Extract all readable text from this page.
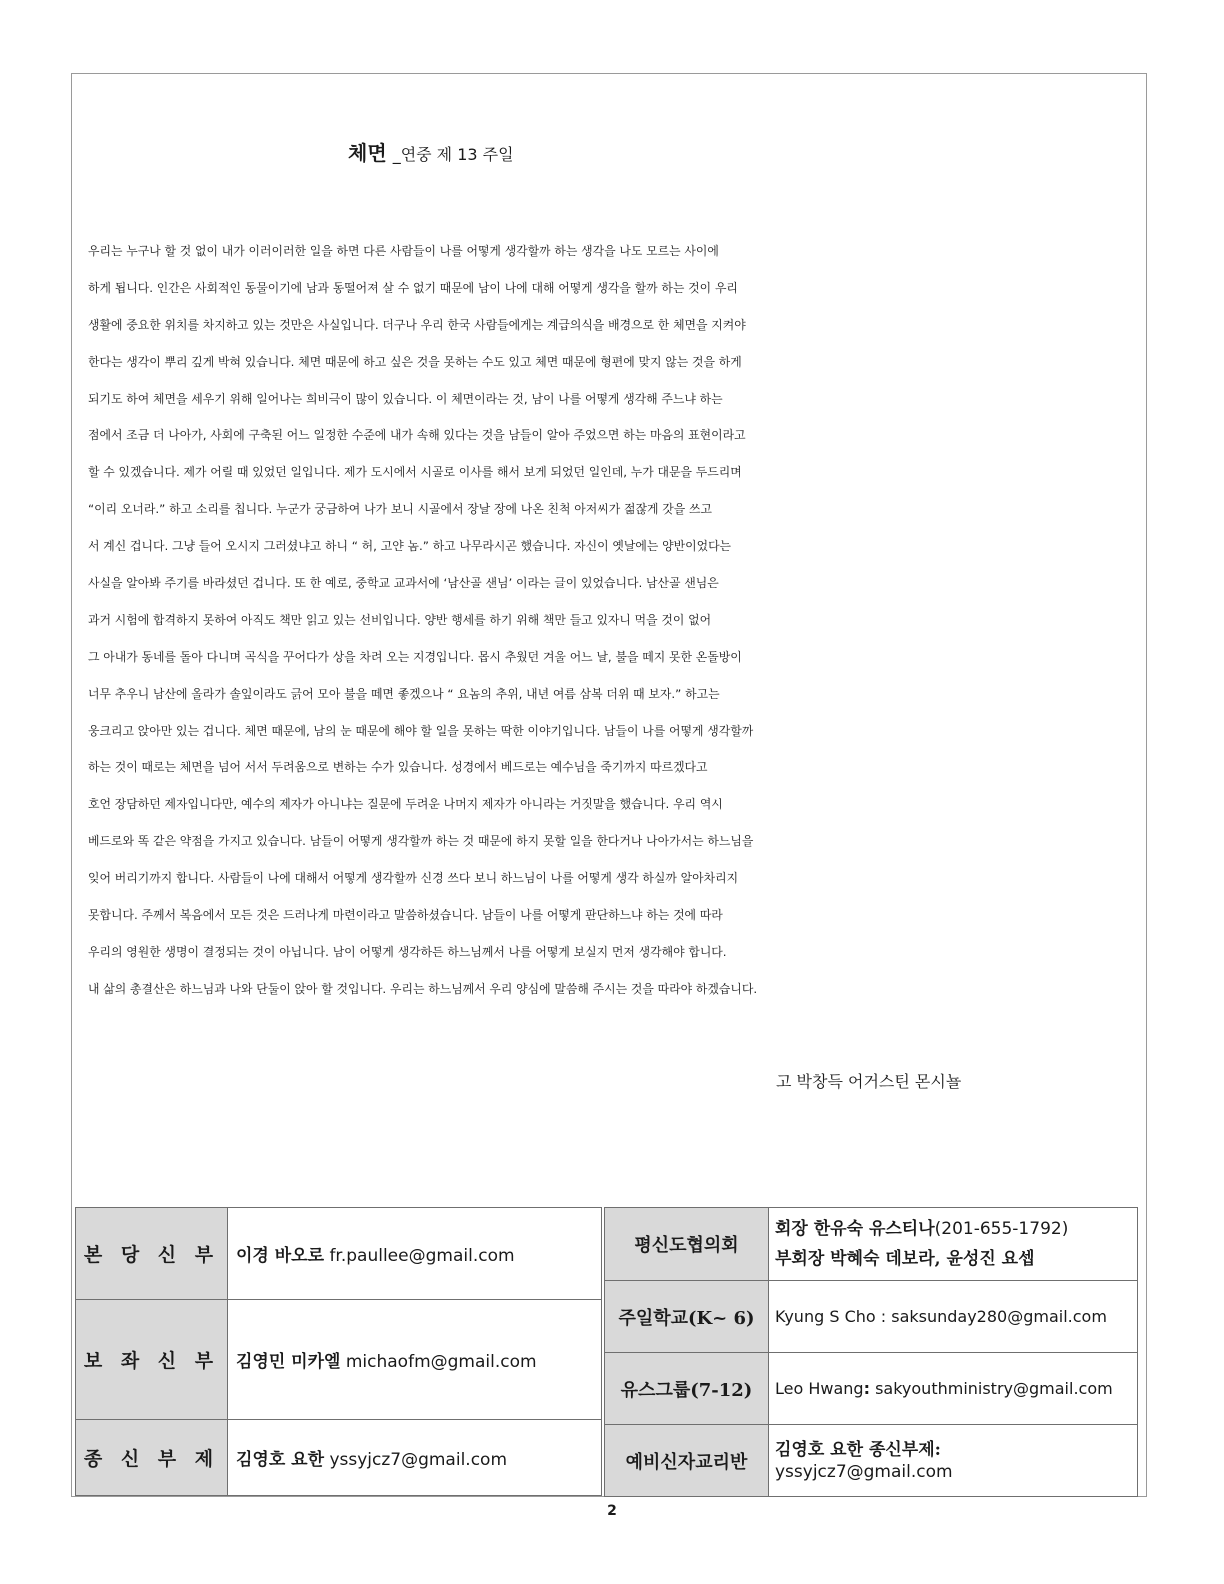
체면 _연중 제 13 주일
우리는 누구나 할 것 없이 내가 이러이러한 일을 하면 다른 사람들이 나를 어떻게 생각할까 하는 생각을 나도 모르는 사이에
하게 됩니다. 인간은 사회적인 동물이기에 남과 동떨어져 살 수 없기 때문에 남이 나에 대해 어떻게 생각을 할까 하는 것이 우리
생활에 중요한 위치를 차지하고 있는 것만은 사실입니다. 더구나 우리 한국 사람들에게는 계급의식을 배경으로 한 체면을 지켜야
한다는 생각이 뿌리 깊게 박혀 있습니다. 체면 때문에 하고 싶은 것을 못하는 수도 있고 체면 때문에 형편에 맞지 않는 것을 하게
되기도 하여 체면을 세우기 위해 일어나는 희비극이 많이 있습니다. 이 체면이라는 것, 남이 나를 어떻게 생각해 주느냐 하는
점에서 조금 더 나아가, 사회에 구축된 어느 일정한 수준에 내가 속해 있다는 것을 남들이 알아 주었으면 하는 마음의 표현이라고
할 수 있겠습니다. 제가 어릴 때 있었던 일입니다. 제가 도시에서 시골로 이사를 해서 보게 되었던 일인데, 누가 대문을 두드리며
“이리 오너라.” 하고 소리를 칩니다. 누군가 궁금하여 나가 보니 시골에서 장날 장에 나온 친척 아저씨가 젊잖게 갓을 쓰고
서 계신 겁니다. 그냥 들어 오시지 그러셨냐고 하니 “ 허, 고얀 놈.” 하고 나무라시곤 했습니다. 자신이 옛날에는 양반이었다는
사실을 알아봐 주기를 바라셨던 겁니다. 또 한 예로, 중학교 교과서에 ‘남산골 샌님’ 이라는 글이 있었습니다. 남산골 샌님은
과거 시험에 합격하지 못하여 아직도 책만 읽고 있는 선비입니다. 양반 행세를 하기 위해 책만 들고 있자니 먹을 것이 없어
그 아내가 동네를 돌아 다니며 곡식을 꾸어다가 상을 차려 오는 지경입니다. 몹시 추웠던 겨울 어느 날, 불을 떼지 못한 온돌방이
너무 추우니 남산에 올라가 솔잎이라도 긁어 모아 불을 떼면 좋겠으나 “ 요놈의 추위, 내년 여름 삼복 더위 때 보자.” 하고는
웅크리고 앉아만 있는 겁니다. 체면 때문에, 남의 눈 때문에 해야 할 일을 못하는 딱한 이야기입니다. 남들이 나를 어떻게 생각할까
하는 것이 때로는 체면을 넘어 서서 두려움으로 변하는 수가 있습니다. 성경에서 베드로는 예수님을 죽기까지 따르겠다고
호언 장담하던 제자입니다만, 예수의 제자가 아니냐는 질문에 두려운 나머지 제자가 아니라는 거짓말을 했습니다. 우리 역시
베드로와 똑 같은 약점을 가지고 있습니다. 남들이 어떻게 생각할까 하는 것 때문에 하지 못할 일을 한다거나 나아가서는 하느님을
잊어 버리기까지 합니다. 사람들이 나에 대해서 어떻게 생각할까 신경 쓰다 보니 하느님이 나를 어떻게 생각 하실까 알아차리지
못합니다. 주께서 복음에서 모든 것은 드러나게 마련이라고 말씀하셨습니다. 남들이 나를 어떻게 판단하느냐 하는 것에 따라
우리의 영원한 생명이 결정되는 것이 아닙니다. 남이 어떻게 생각하든 하느님께서 나를 어떻게 보실지 먼저 생각해야 합니다.
내 삶의 총결산은 하느님과 나와 단둘이 앉아 할 것입니다. 우리는 하느님께서 우리 양심에 말씀해 주시는 것을 따라야 하겠습니다.
고 박창득 어거스틴 몬시뇰
본 당 신 부	이경 바오로 fr.paullee@gmail.com
보 좌 신 부	김영민 미카엘 michaofm@gmail.com
종 신 부 제	김영호 요한 yssyjcz7@gmail.com
평신도협의회	회장 한유숙 유스티나(201-655-1792)
부회장 박혜숙 데보라, 윤성진 요셉

주일학교(K~ 6)	Kyung S Cho : saksunday280@gmail.com
유스그룹(7-12)	Leo Hwang: sakyouthministry@gmail.com
예비신자교리반	김영호 요한 종신부제:
yssyjcz7@gmail.com
2
